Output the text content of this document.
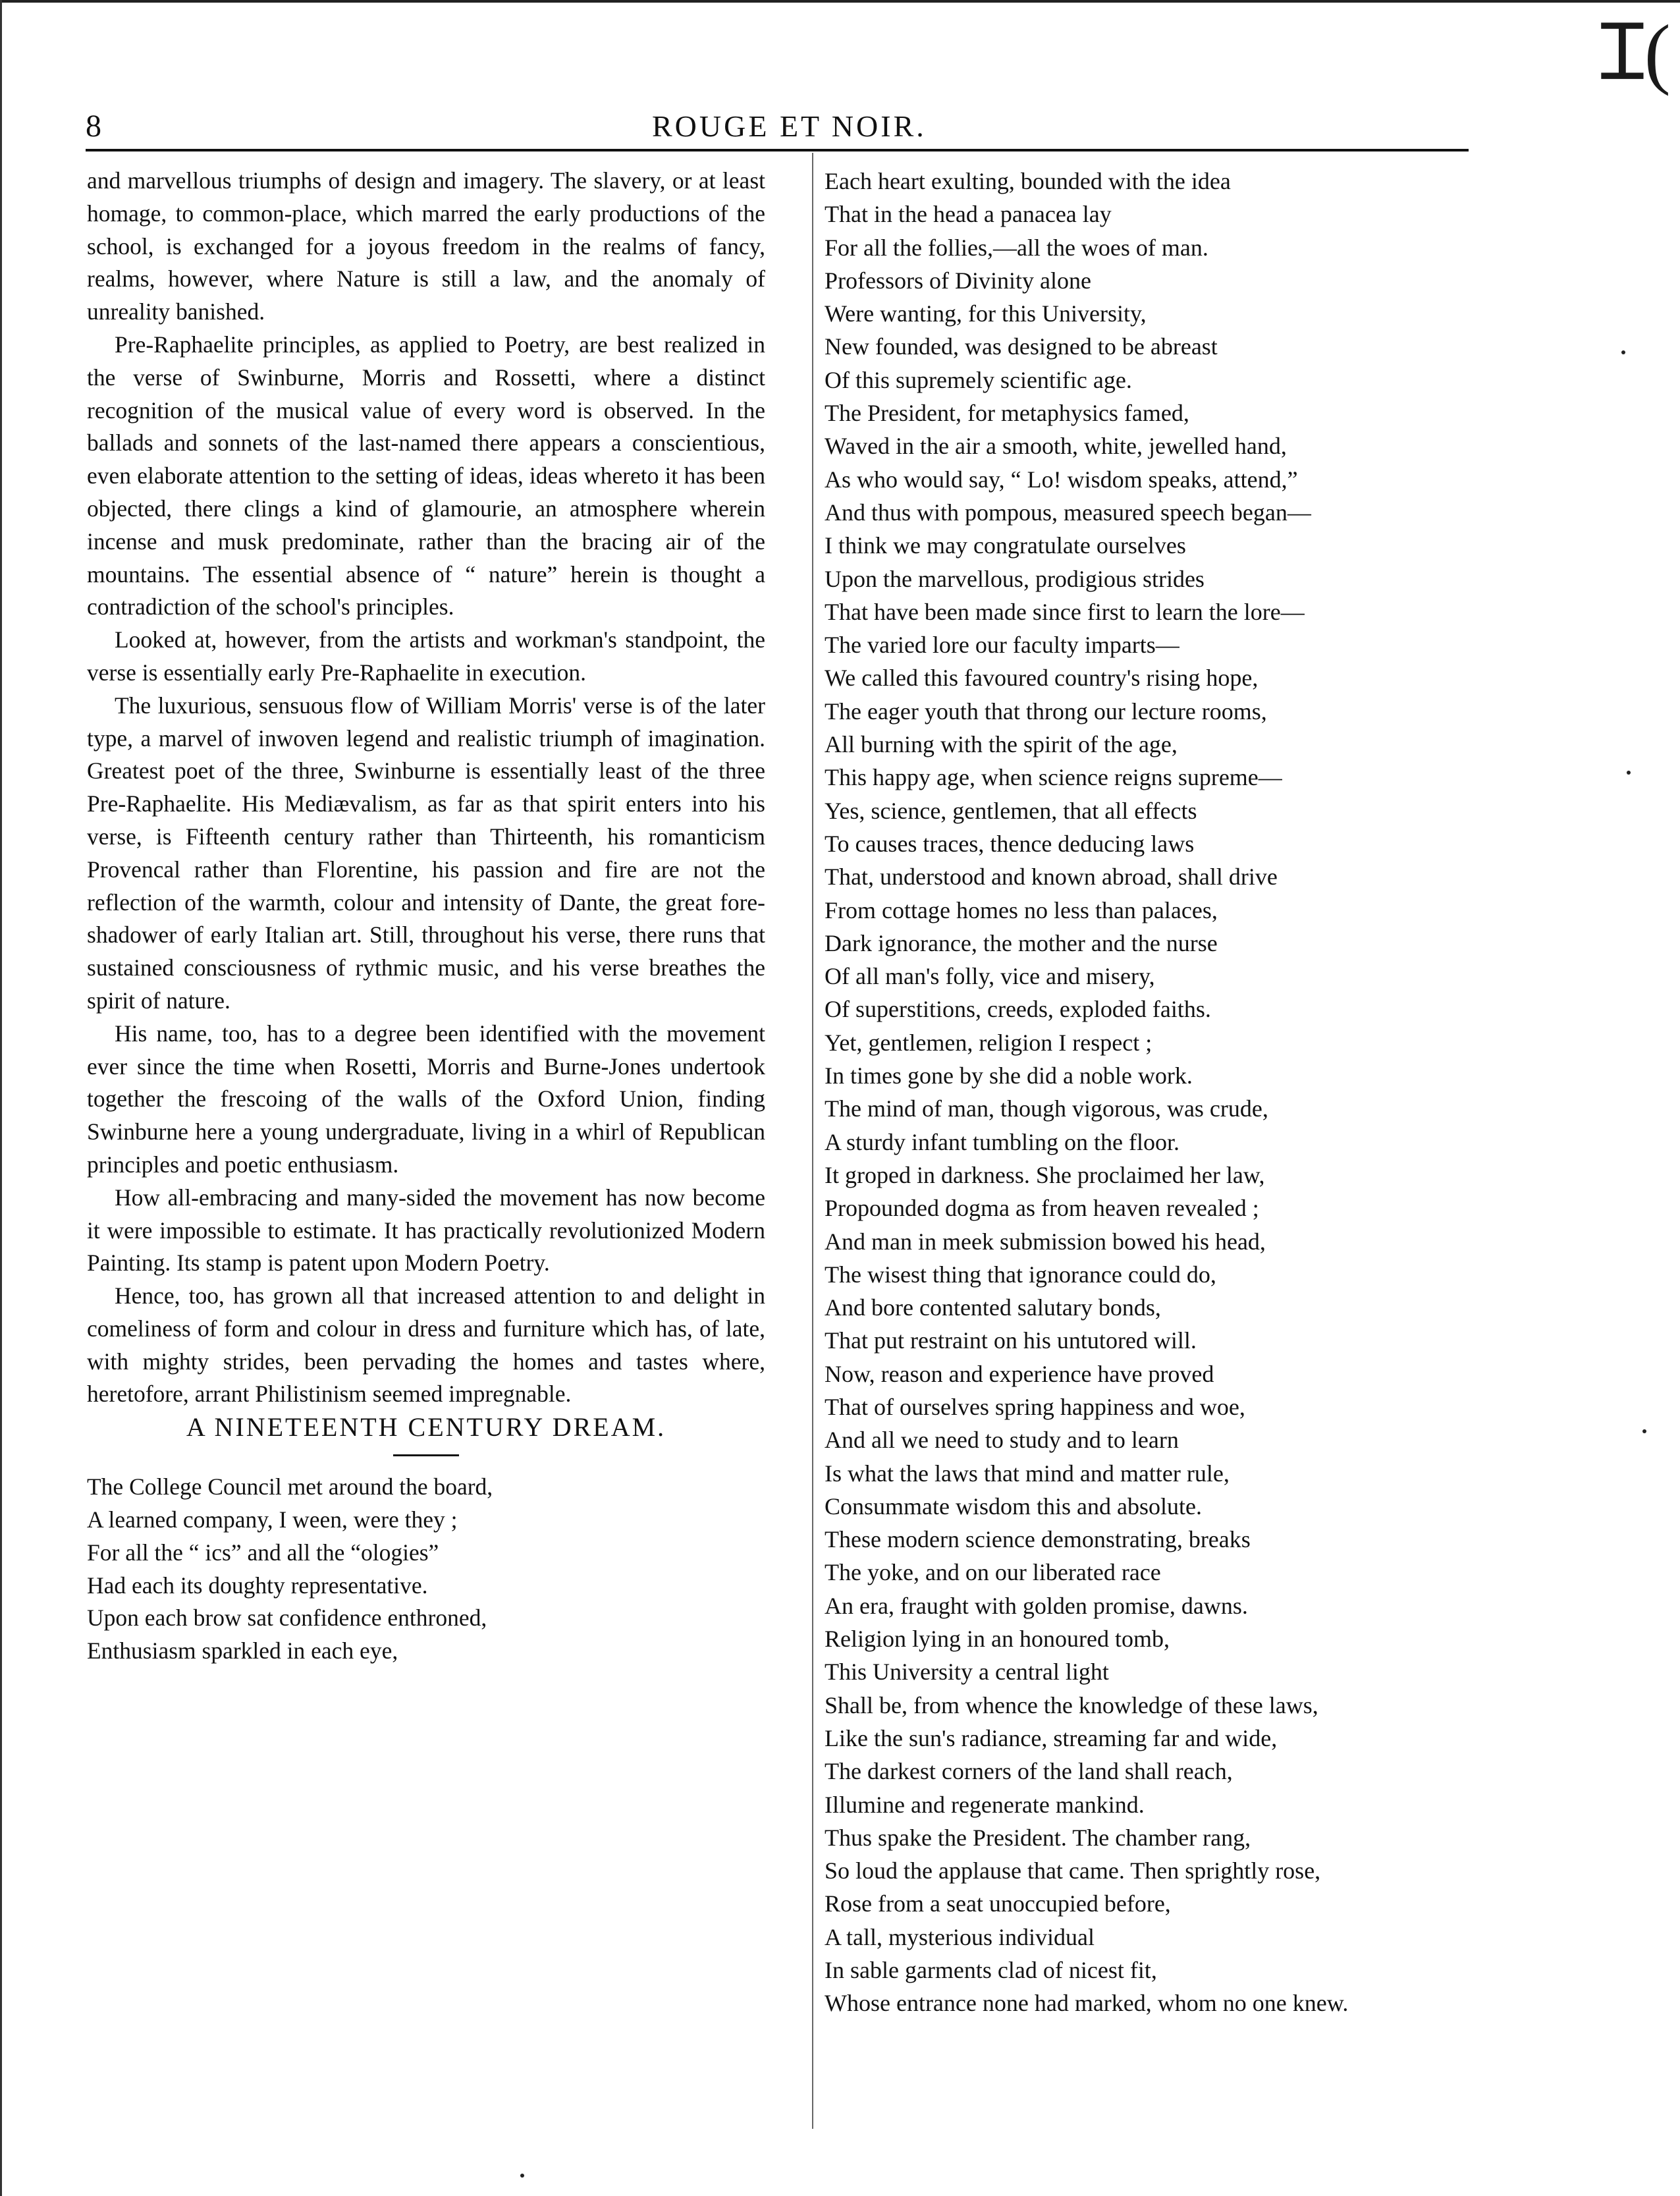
Ɪ(
8	ROUGE ET NOIR.

and marvellous triumphs of design and imagery. The slavery, or at least homage, to common-place, which marred the early productions of the school, is exchanged for a joyous freedom in the realms of fancy, realms, however, where Nature is still a law, and the anomaly of unreality banished.

Pre-Raphaelite principles, as applied to Poetry, are best realized in the verse of Swinburne, Morris and Rossetti, where a distinct recognition of the musical value of every word is observed. In the ballads and sonnets of the last-named there appears a conscientious, even elaborate attention to the setting of ideas, ideas whereto it has been objected, there clings a kind of glamourie, an atmosphere wherein incense and musk predominate, rather than the bracing air of the mountains. The essential absence of “ nature” herein is thought a contradiction of the school's principles.

Looked at, however, from the artists and workman's standpoint, the verse is essentially early Pre-Raphaelite in execution.

The luxurious, sensuous flow of William Morris' verse is of the later type, a marvel of inwoven legend and realistic triumph of imagination. Greatest poet of the three, Swinburne is essentially least of the three Pre-Raphaelite. His Mediævalism, as far as that spirit enters into his verse, is Fifteenth century rather than Thirteenth, his romanticism Provencal rather than Florentine, his passion and fire are not the reflection of the warmth, colour and intensity of Dante, the great fore-shadower of early Italian art. Still, throughout his verse, there runs that sustained consciousness of rythmic music, and his verse breathes the spirit of nature.

His name, too, has to a degree been identified with the movement ever since the time when Rosetti, Morris and Burne-Jones undertook together the frescoing of the walls of the Oxford Union, finding Swinburne here a young undergraduate, living in a whirl of Republican principles and poetic enthusiasm.

How all-embracing and many-sided the movement has now become it were impossible to estimate. It has practically revolutionized Modern Painting. Its stamp is patent upon Modern Poetry.

Hence, too, has grown all that increased attention to and delight in comeliness of form and colour in dress and furniture which has, of late, with mighty strides, been pervading the homes and tastes where, heretofore, arrant Philistinism seemed impregnable.

A NINETEENTH CENTURY DREAM.

The College Council met around the board,
A learned company, I ween, were they ;
For all the “ ics” and all the “ologies”
Had each its doughty representative.
Upon each brow sat confidence enthroned,
Enthusiasm sparkled in each eye,
Each heart exulting, bounded with the idea
That in the head a panacea lay
For all the follies,—all the woes of man.
Professors of Divinity alone
Were wanting, for this University,
New founded, was designed to be abreast
Of this supremely scientific age.
The President, for metaphysics famed,
Waved in the air a smooth, white, jewelled hand,
As who would say, “ Lo! wisdom speaks, attend,”
And thus with pompous, measured speech began—
I think we may congratulate ourselves
Upon the marvellous, prodigious strides
That have been made since first to learn the lore—
The varied lore our faculty imparts—
We called this favoured country's rising hope,
The eager youth that throng our lecture rooms,
All burning with the spirit of the age,
This happy age, when science reigns supreme—
Yes, science, gentlemen, that all effects
To causes traces, thence deducing laws
That, understood and known abroad, shall drive
From cottage homes no less than palaces,
Dark ignorance, the mother and the nurse
Of all man's folly, vice and misery,
Of superstitions, creeds, exploded faiths.
Yet, gentlemen, religion I respect ;
In times gone by she did a noble work.
The mind of man, though vigorous, was crude,
A sturdy infant tumbling on the floor.
It groped in darkness. She proclaimed her law,
Propounded dogma as from heaven revealed ;
And man in meek submission bowed his head,
The wisest thing that ignorance could do,
And bore contented salutary bonds,
That put restraint on his untutored will.
Now, reason and experience have proved
That of ourselves spring happiness and woe,
And all we need to study and to learn
Is what the laws that mind and matter rule,
Consummate wisdom this and absolute.
These modern science demonstrating, breaks
The yoke, and on our liberated race
An era, fraught with golden promise, dawns.
Religion lying in an honoured tomb,
This University a central light
Shall be, from whence the knowledge of these laws,
Like the sun's radiance, streaming far and wide,
The darkest corners of the land shall reach,
Illumine and regenerate mankind.
Thus spake the President. The chamber rang,
So loud the applause that came. Then sprightly rose,
Rose from a seat unoccupied before,
A tall, mysterious individual
In sable garments clad of nicest fit,
Whose entrance none had marked, whom no one knew.
